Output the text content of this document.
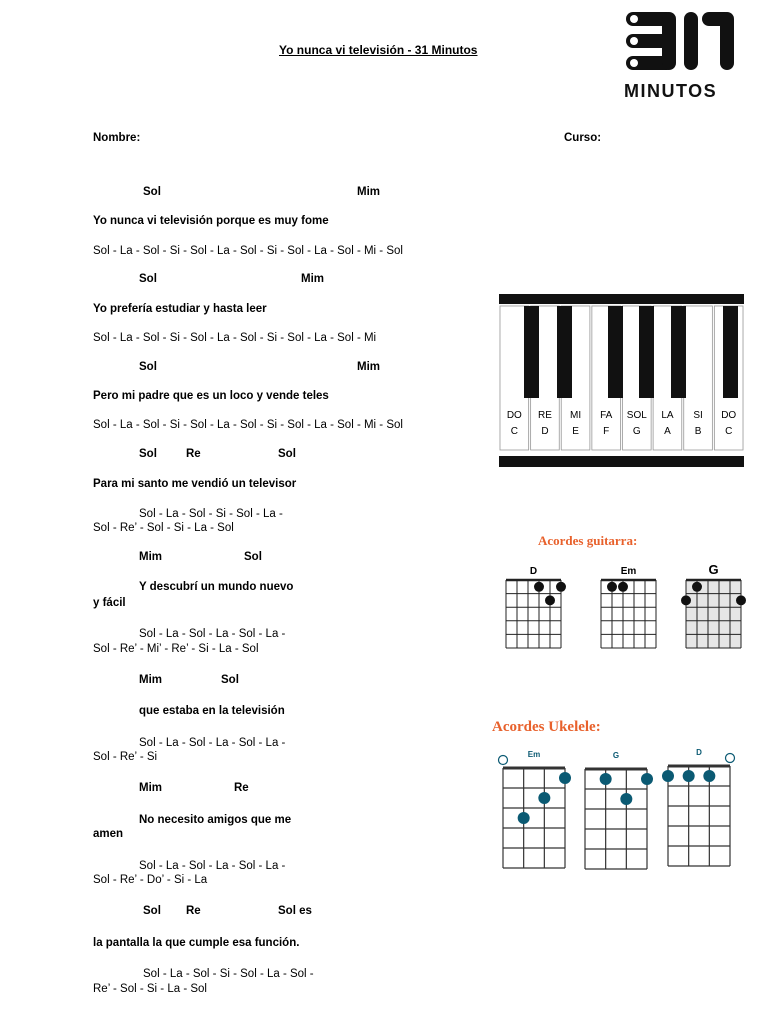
Yo nunca vi televisión - 31 Minutos
MINUTOS
Nombre:	Curso:
Sol	Mim
Yo nunca vi televisión porque es muy fome
Sol - La - Sol - Si - Sol - La - Sol - Si - Sol - La - Sol - Mi - Sol
Sol	Mim
Yo prefería estudiar y hasta leer
Sol - La - Sol - Si - Sol - La - Sol - Si - Sol - La - Sol - Mi
Sol	Mim
Pero mi padre que es un loco y vende teles
Sol - La - Sol - Si - Sol - La - Sol - Si - Sol - La - Sol - Mi - Sol
Sol	Re	Sol
Para mi santo me vendió un televisor
Sol - La - Sol - Si - Sol - La -
Sol - Re’ - Sol - Si - La - Sol
Mim	Sol
Y descubrí un mundo nuevo
y fácil
Sol - La - Sol - La - Sol - La -
Sol - Re’ - Mi’ - Re’ - Si - La - Sol
Mim	Sol
que estaba en la televisión
Sol - La - Sol - La - Sol - La -
Sol - Re’ - Si
Mim	Re
No necesito amigos que me
amen
Sol - La - Sol - La - Sol - La -
Sol - Re’ - Do’ - Si - La
Sol Re	Sol es
la pantalla la que cumple esa función.
Sol - La - Sol - Si - Sol - La - Sol -
Re’ - Sol - Si - La - Sol
DO
C
RE
D
MI
E
FA
F
SOL
G
LA
A
SI
B
DO
C
Acordes guitarra:
D	Em	G
Acordes Ukelele:
Em	G	D
